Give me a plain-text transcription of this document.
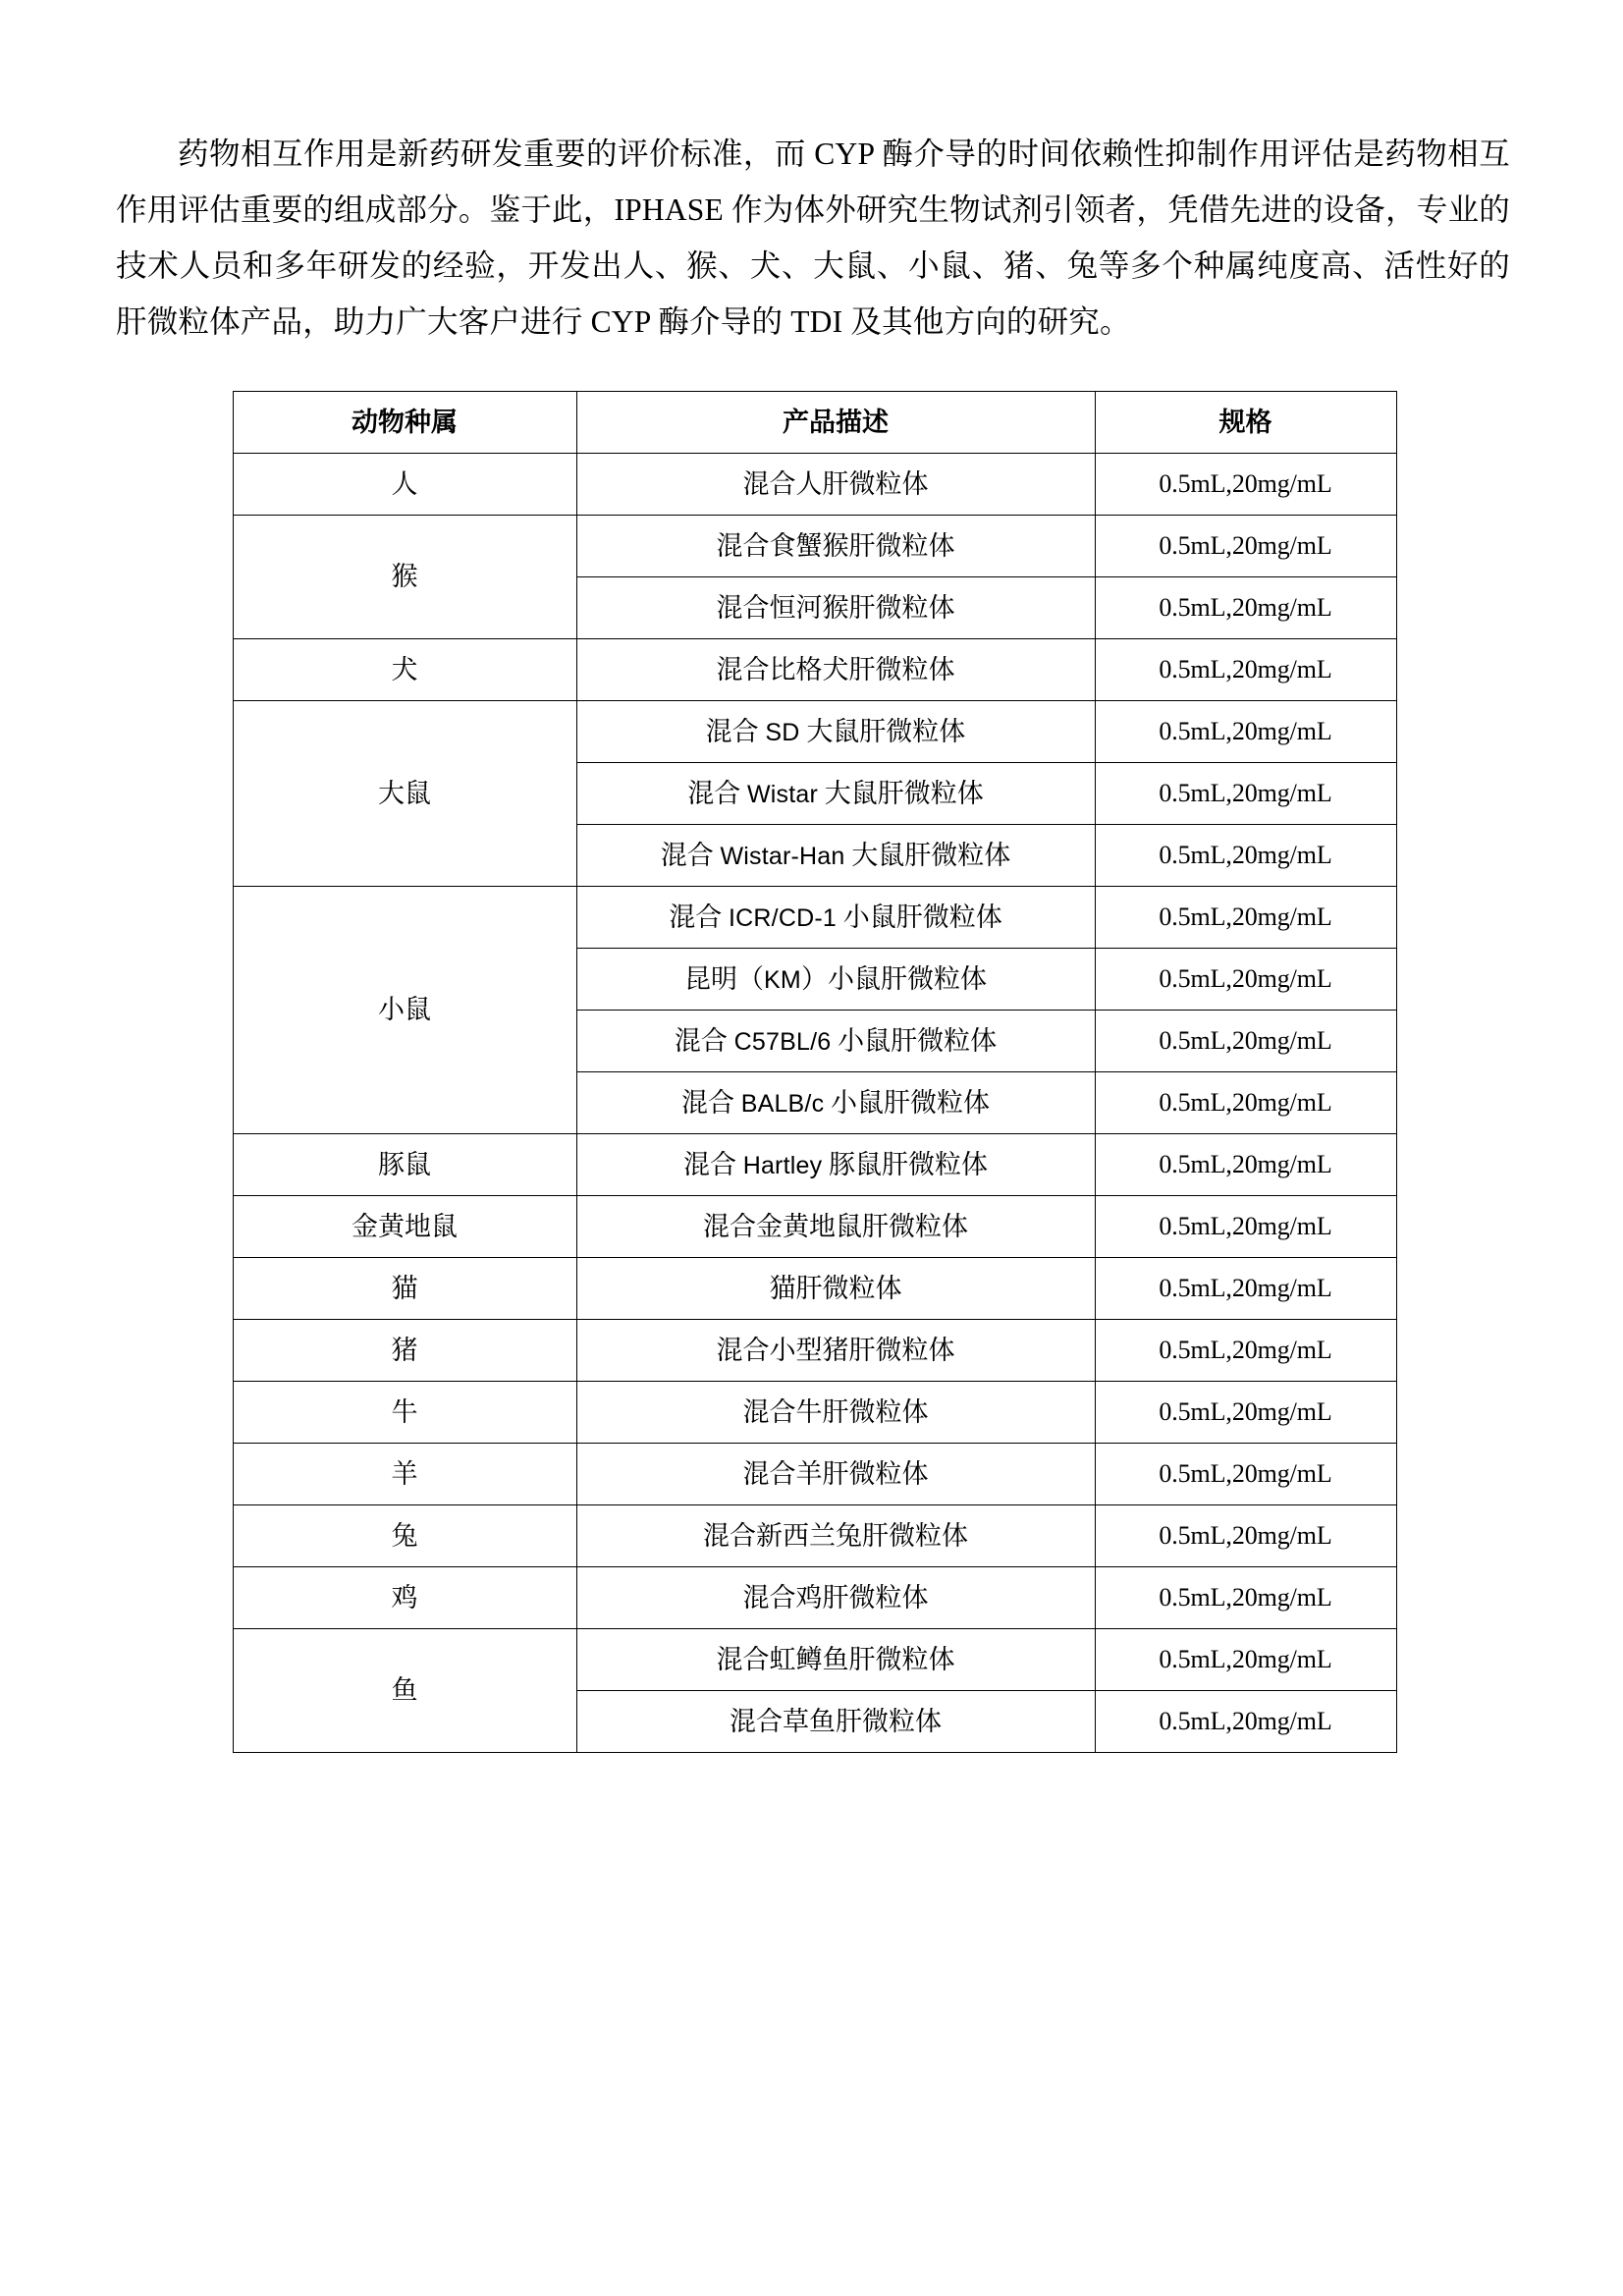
药物相互作用是新药研发重要的评价标准，而 CYP 酶介导的时间依赖性抑制作用评估是药物相互作用评估重要的组成部分。鉴于此，IPHASE 作为体外研究生物试剂引领者，凭借先进的设备，专业的技术人员和多年研发的经验，开发出人、猴、犬、大鼠、小鼠、猪、兔等多个种属纯度高、活性好的肝微粒体产品，助力广大客户进行 CYP 酶介导的 TDI 及其他方向的研究。

动物种属	产品描述	规格
人	混合人肝微粒体	0.5mL,20mg/mL
猴	混合食蟹猴肝微粒体	0.5mL,20mg/mL
	混合恒河猴肝微粒体	0.5mL,20mg/mL
犬	混合比格犬肝微粒体	0.5mL,20mg/mL
大鼠	混合 SD 大鼠肝微粒体	0.5mL,20mg/mL
	混合 Wistar 大鼠肝微粒体	0.5mL,20mg/mL
	混合 Wistar-Han 大鼠肝微粒体	0.5mL,20mg/mL
小鼠	混合 ICR/CD-1 小鼠肝微粒体	0.5mL,20mg/mL
	昆明（KM）小鼠肝微粒体	0.5mL,20mg/mL
	混合 C57BL/6 小鼠肝微粒体	0.5mL,20mg/mL
	混合 BALB/c 小鼠肝微粒体	0.5mL,20mg/mL
豚鼠	混合 Hartley 豚鼠肝微粒体	0.5mL,20mg/mL
金黄地鼠	混合金黄地鼠肝微粒体	0.5mL,20mg/mL
猫	猫肝微粒体	0.5mL,20mg/mL
猪	混合小型猪肝微粒体	0.5mL,20mg/mL
牛	混合牛肝微粒体	0.5mL,20mg/mL
羊	混合羊肝微粒体	0.5mL,20mg/mL
兔	混合新西兰兔肝微粒体	0.5mL,20mg/mL
鸡	混合鸡肝微粒体	0.5mL,20mg/mL
鱼	混合虹鳟鱼肝微粒体	0.5mL,20mg/mL
	混合草鱼肝微粒体	0.5mL,20mg/mL
